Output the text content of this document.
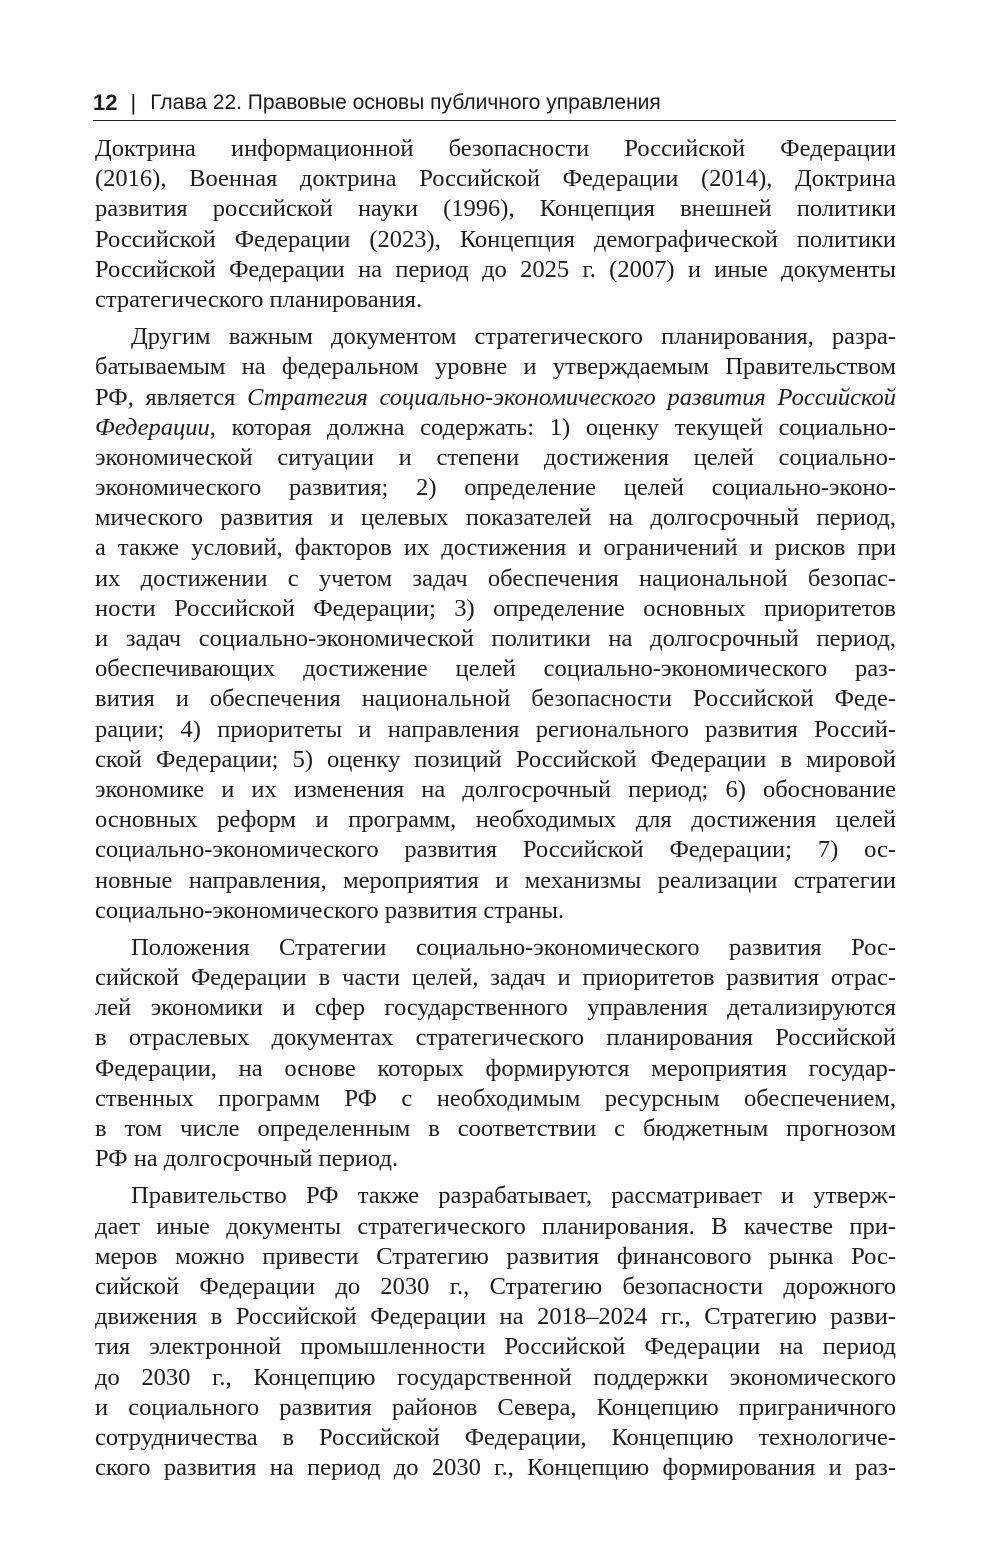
12 | Глава 22. Правовые основы публичного управления
Доктрина информационной безопасности Российской Федерации
(2016), Военная доктрина Российской Федерации (2014), Доктрина
развития российской науки (1996), Концепция внешней политики
Российской Федерации (2023), Концепция демографической политики
Российской Федерации на период до 2025 г. (2007) и иные документы
стратегического планирования.
Другим важным документом стратегического планирования, разра-
батываемым на федеральном уровне и утверждаемым Правительством
РФ, является Стратегия социально-экономического развития Российской
Федерации, которая должна содержать: 1) оценку текущей социально-
экономической ситуации и степени достижения целей социально-
экономического развития; 2) определение целей социально-эконо-
мического развития и целевых показателей на долгосрочный период,
а также условий, факторов их достижения и ограничений и рисков при
их достижении с учетом задач обеспечения национальной безопас-
ности Российской Федерации; 3) определение основных приоритетов
и задач социально-экономической политики на долгосрочный период,
обеспечивающих достижение целей социально-экономического раз-
вития и обеспечения национальной безопасности Российской Феде-
рации; 4) приоритеты и направления регионального развития Россий-
ской Федерации; 5) оценку позиций Российской Федерации в мировой
экономике и их изменения на долгосрочный период; 6) обоснование
основных реформ и программ, необходимых для достижения целей
социально-экономического развития Российской Федерации; 7) ос-
новные направления, мероприятия и механизмы реализации стратегии
социально-экономического развития страны.
Положения Стратегии социально-экономического развития Рос-
сийской Федерации в части целей, задач и приоритетов развития отрас-
лей экономики и сфер государственного управления детализируются
в отраслевых документах стратегического планирования Российской
Федерации, на основе которых формируются мероприятия государ-
ственных программ РФ с необходимым ресурсным обеспечением,
в том числе определенным в соответствии с бюджетным прогнозом
РФ на долгосрочный период.
Правительство РФ также разрабатывает, рассматривает и утверж-
дает иные документы стратегического планирования. В качестве при-
меров можно привести Стратегию развития финансового рынка Рос-
сийской Федерации до 2030 г., Стратегию безопасности дорожного
движения в Российской Федерации на 2018–2024 гг., Стратегию разви-
тия электронной промышленности Российской Федерации на период
до 2030 г., Концепцию государственной поддержки экономического
и социального развития районов Севера, Концепцию приграничного
сотрудничества в Российской Федерации, Концепцию технологиче-
ского развития на период до 2030 г., Концепцию формирования и раз-
